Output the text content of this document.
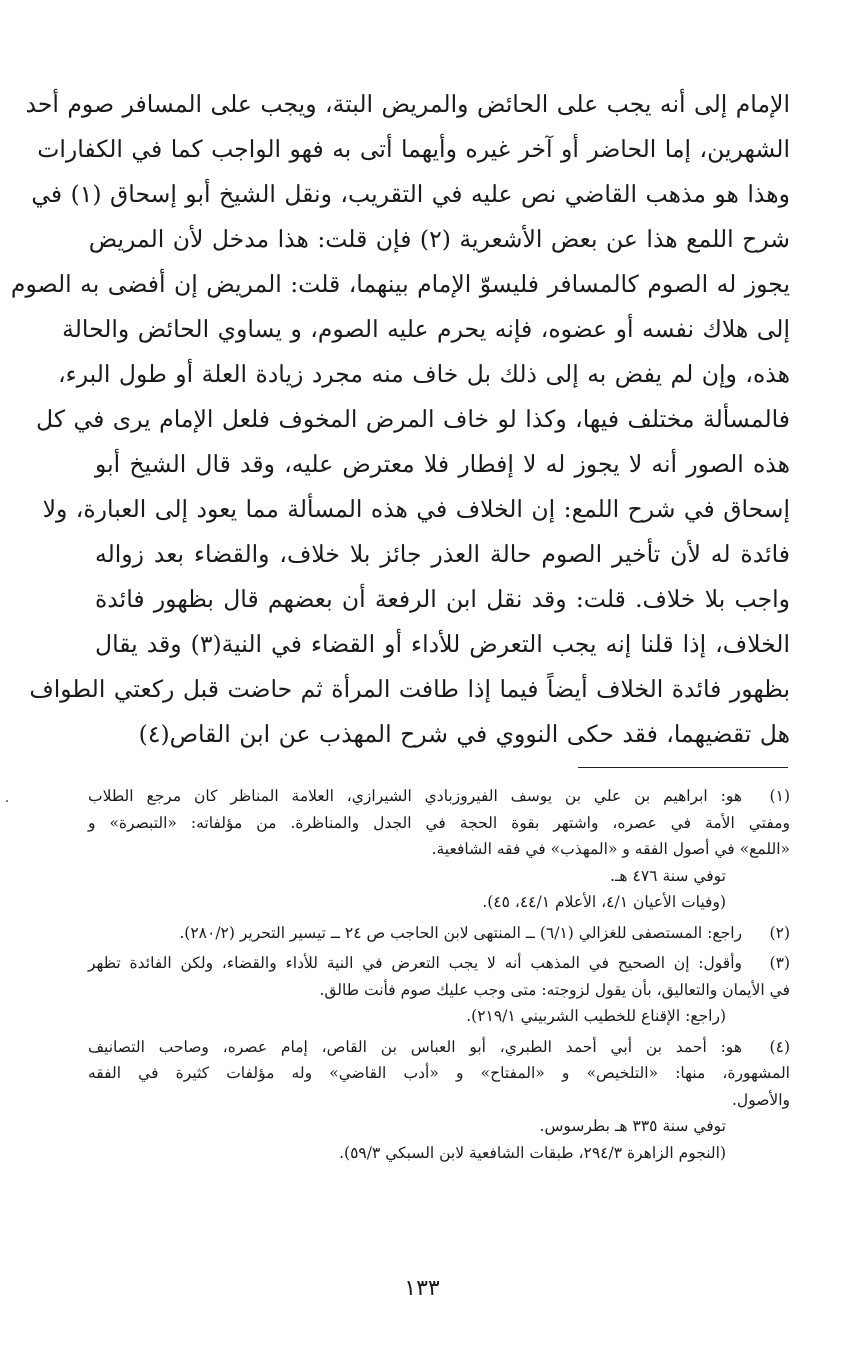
الإمام إلى أنه يجب على الحائض والمريض البتة، ويجب على المسافر صوم أحد
الشهرين، إما الحاضر أو آخر غيره وأيهما أتى به فهو الواجب كما في الكفارات
وهذا هو مذهب القاضي نص عليه في التقريب، ونقل الشيخ أبو إسحاق (١) في
شرح اللمع هذا عن بعض الأشعرية (٢) فإن قلت: هذا مدخل لأن المريض
يجوز له الصوم كالمسافر فليسوّ الإمام بينهما، قلت: المريض إن أفضى به الصوم
إلى هلاك نفسه أو عضوه، فإنه يحرم عليه الصوم، و يساوي الحائض والحالة
هذه، وإن لم يفض به إلى ذلك بل خاف منه مجرد زيادة العلة أو طول البرء،
فالمسألة مختلف فيها، وكذا لو خاف المرض المخوف فلعل الإمام يرى في كل
هذه الصور أنه لا يجوز له لا إفطار فلا معترض عليه، وقد قال الشيخ أبو
إسحاق في شرح اللمع: إن الخلاف في هذه المسألة مما يعود إلى العبارة، ولا
فائدة له لأن تأخير الصوم حالة العذر جائز بلا خلاف، والقضاء بعد زواله
واجب بلا خلاف. قلت: وقد نقل ابن الرفعة أن بعضهم قال بظهور فائدة
الخلاف، إذا قلنا إنه يجب التعرض للأداء أو القضاء في النية(٣) وقد يقال
بظهور فائدة الخلاف أيضاً فيما إذا طافت المرأة ثم حاضت قبل ركعتي الطواف
هل تقضيهما، فقد حكى النووي في شرح المهذب عن ابن القاص(٤)
(١)
هو: ابراهيم بن علي بن يوسف الفيروزبادي الشيرازي، العلامة المناظر كان مرجع الطلاب
ومفتي الأمة في عصره، واشتهر بقوة الحجة في الجدل والمناظرة. من مؤلفاته: «التبصرة» و
«اللمع» في أصول الفقه و «المهذب» في فقه الشافعية.
توفي سنة ٤٧٦ هـ.
(وفيات الأعيان ٤/١، الأعلام ٤٤/١، ٤٥).
(٢)
راجع: المستصفى للغزالي (٦/١) ــ المنتهى لابن الحاجب ص ٢٤ ــ تيسير التحرير (٢٨٠/٢).
(٣)
وأقول: إن الصحيح في المذهب أنه لا يجب التعرض في النية للأداء والقضاء، ولكن الفائدة تظهر
في الأيمان والتعاليق، بأن يقول لزوجته: متى وجب عليك صوم فأنت طالق.
(راجع: الإقناع للخطيب الشربيني ٢١٩/١).
(٤)
هو: أحمد بن أبي أحمد الطبري، أبو العباس بن القاص، إمام عصره، وصاحب التصانيف
المشهورة، منها: «التلخيص» و «المفتاح» و «أدب القاضي» وله مؤلفات كثيرة في الفقه
والأصول.
توفي سنة ٣٣٥ هـ بطرسوس.
(النجوم الزاهرة ٢٩٤/٣، طبقات الشافعية لابن السبكي ٥٩/٣).
١٣٣
